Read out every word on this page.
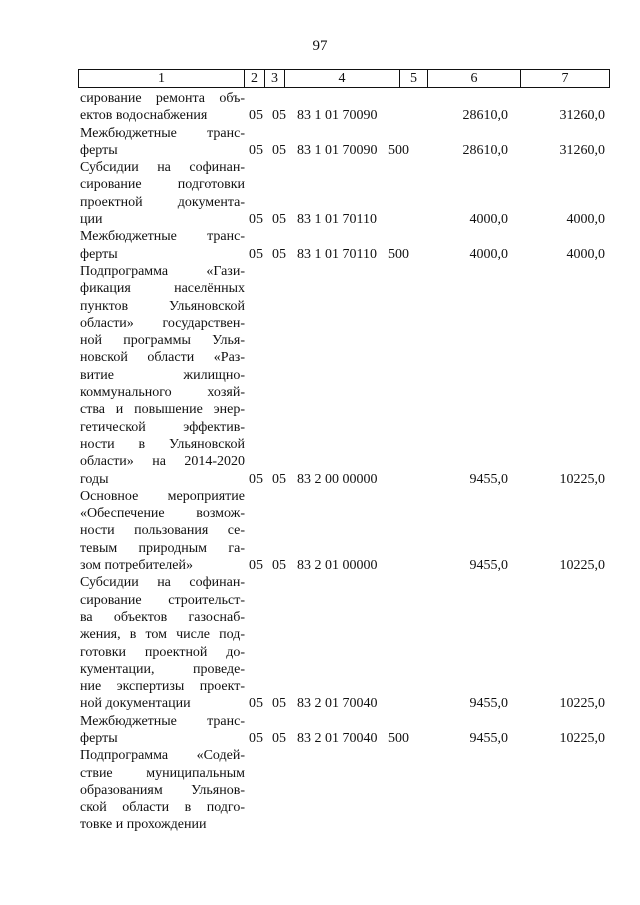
97
1	2	3	4	5	6	7
сирование ремонта объ-
ектов водоснабжения	05 05 83 1 01 70090	28610,0	31260,0
Межбюджетные транс-
ферты	05 05 83 1 01 70090 500	28610,0	31260,0
Субсидии на софинан-
сирование подготовки
проектной документа-
ции	05 05 83 1 01 70110	4000,0	4000,0
Межбюджетные транс-
ферты	05 05 83 1 01 70110 500	4000,0	4000,0
Подпрограмма «Гази-
фикация населённых
пунктов Ульяновской
области» государствен-
ной программы Улья-
новской области «Раз-
витие жилищно-
коммунального хозяй-
ства и повышение энер-
гетической эффектив-
ности в Ульяновской
области» на 2014-2020
годы	05 05 83 2 00 00000	9455,0	10225,0
Основное мероприятие
«Обеспечение возмож-
ности пользования се-
тевым природным га-
зом потребителей»	05 05 83 2 01 00000	9455,0	10225,0
Субсидии на софинан-
сирование строительст-
ва объектов газоснаб-
жения, в том числе под-
готовки проектной до-
кументации, проведе-
ние экспертизы проект-
ной документации	05 05 83 2 01 70040	9455,0	10225,0
Межбюджетные транс-
ферты	05 05 83 2 01 70040 500	9455,0	10225,0
Подпрограмма «Содей-
ствие муниципальным
образованиям Ульянов-
ской области в подго-
товке и прохождении
